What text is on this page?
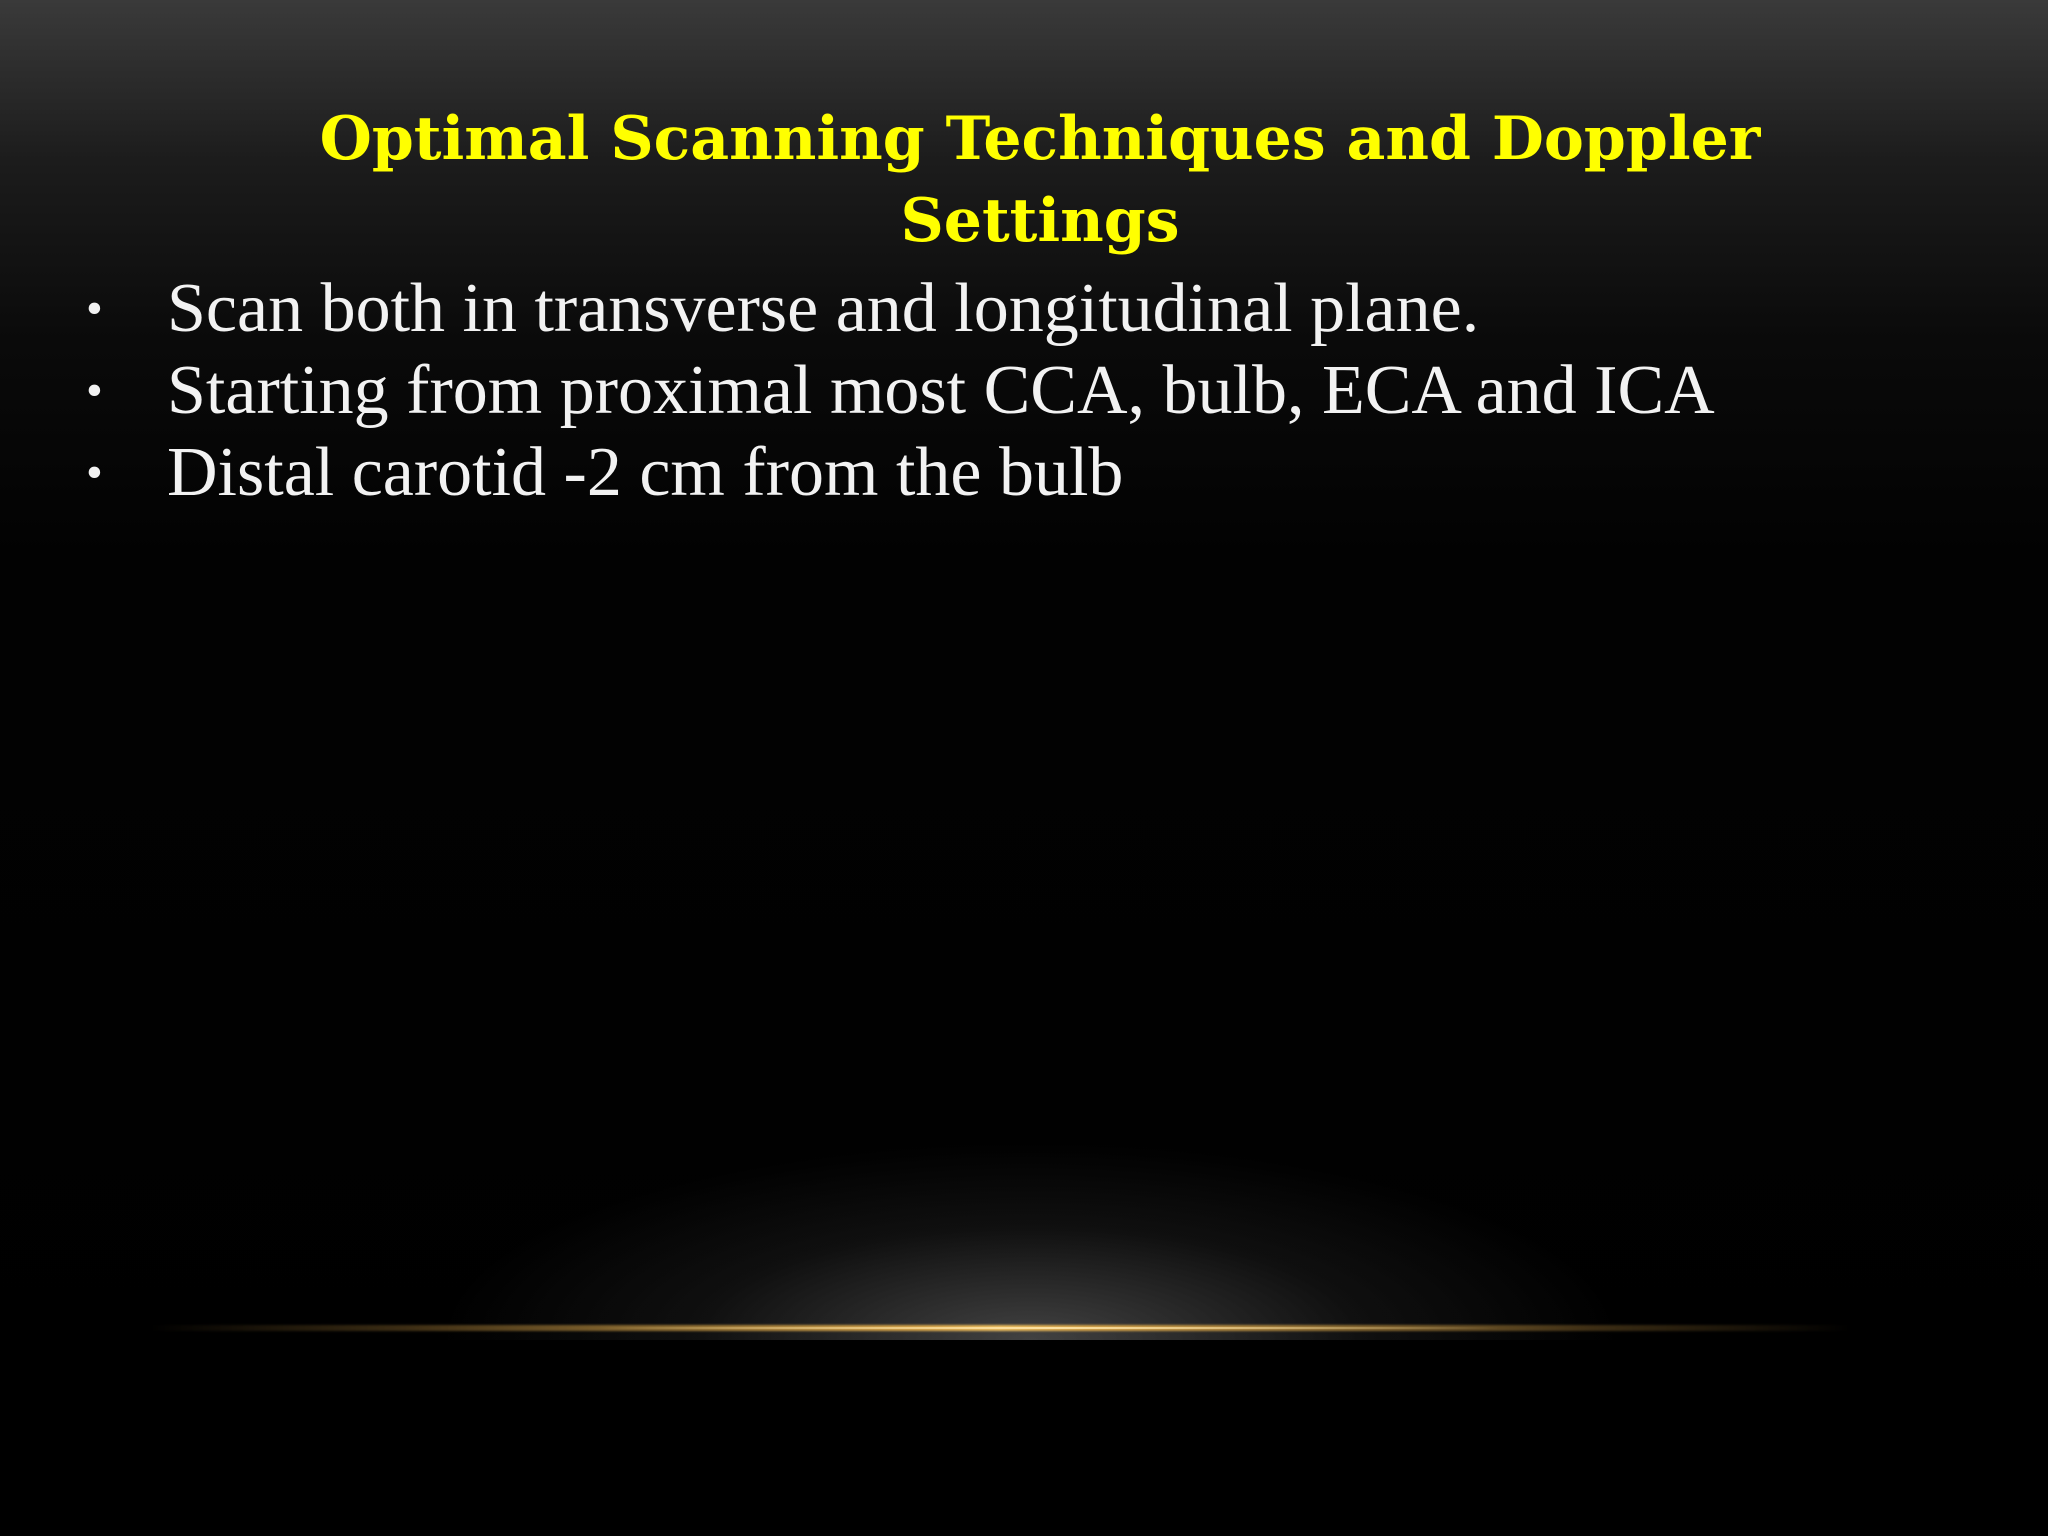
Optimal Scanning Techniques and Doppler
Settings
• Scan both in transverse and longitudinal plane.
• Starting from proximal most CCA, bulb, ECA and ICA
• Distal carotid -2 cm from the bulb
